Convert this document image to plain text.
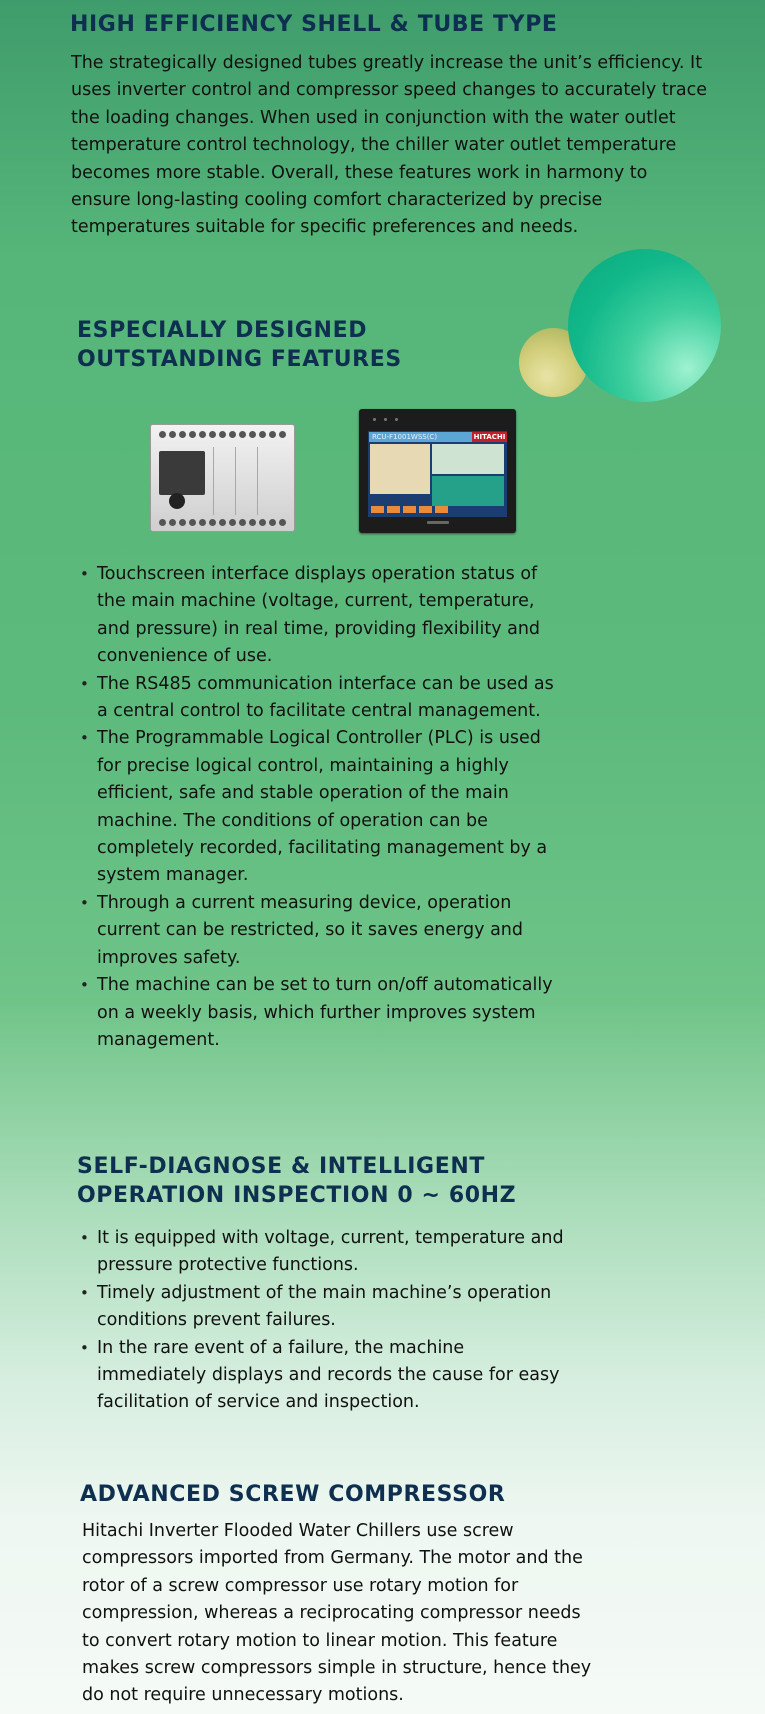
HIGH EFFICIENCY SHELL & TUBE TYPE

The strategically designed tubes greatly increase the unit’s efficiency. It uses inverter control and compressor speed changes to accurately trace the loading changes. When used in conjunction with the water outlet temperature control technology, the chiller water outlet temperature becomes more stable. Overall, these features work in harmony to ensure long-lasting cooling comfort characterized by precise temperatures suitable for specific preferences and needs.

ESPECIALLY DESIGNED
OUTSTANDING FEATURES
RCU-F1001WSS(C)	HITACHI
• Touchscreen interface displays operation status of the main machine (voltage, current, temperature, and pressure) in real time, providing flexibility and convenience of use.
• The RS485 communication interface can be used as a central control to facilitate central management.
• The Programmable Logical Controller (PLC) is used for precise logical control, maintaining a highly efficient, safe and stable operation of the main machine. The conditions of operation can be completely recorded, facilitating management by a system manager.
• Through a current measuring device, operation current can be restricted, so it saves energy and improves safety.
• The machine can be set to turn on/off automatically on a weekly basis, which further improves system management.
SELF-DIAGNOSE & INTELLIGENT
OPERATION INSPECTION 0 ~ 60HZ
• It is equipped with voltage, current, temperature and pressure protective functions.
• Timely adjustment of the main machine’s operation conditions prevent failures.
• In the rare event of a failure, the machine immediately displays and records the cause for easy facilitation of service and inspection.
ADVANCED SCREW COMPRESSOR

Hitachi Inverter Flooded Water Chillers use screw compressors imported from Germany. The motor and the rotor of a screw compressor use rotary motion for compression, whereas a reciprocating compressor needs to convert rotary motion to linear motion. This feature makes screw compressors simple in structure, hence they do not require unnecessary motions.
